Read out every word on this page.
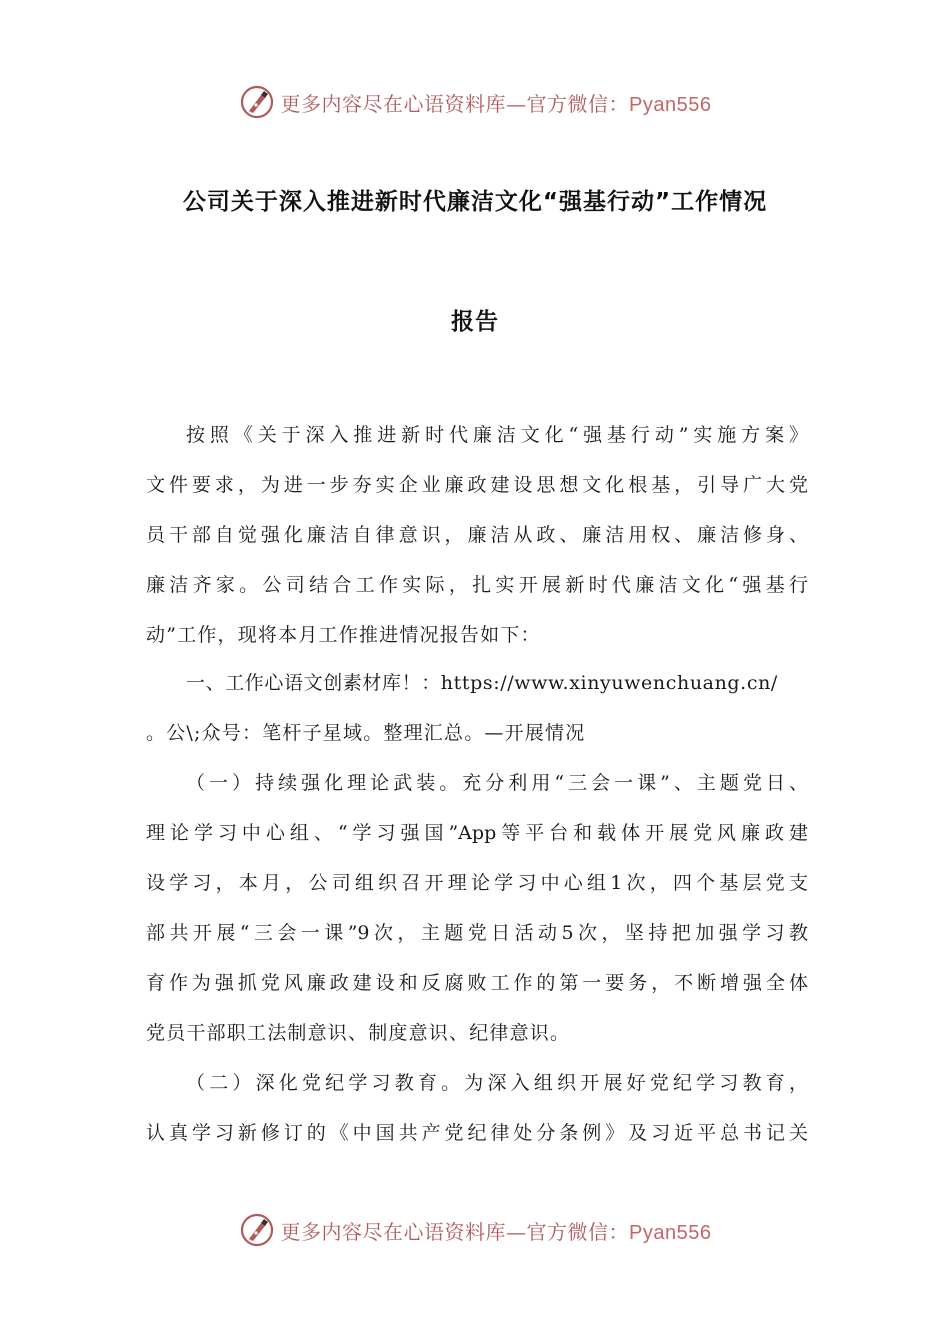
更多内容尽在心语资料库—官方微信：Pyan556
公司关于深入推进新时代廉洁文化“强基行动”工作情况
报告
按照《关于深入推进新时代廉洁文化“强基行动”实施方案》
文件要求，为进一步夯实企业廉政建设思想文化根基，引导广大党
员干部自觉强化廉洁自律意识，廉洁从政、廉洁用权、廉洁修身、
廉洁齐家。公司结合工作实际，扎实开展新时代廉洁文化“强基行
动”工作，现将本月工作推进情况报告如下：
一、工作心语文创素材库！：https://www.xinyuwenchuang.cn/
。公\;众号：笔杆子星域。整理汇总。—开展情况
（一）持续强化理论武装。充分利用“三会一课”、主题党日、
理论学习中心组、“学习强国”App等平台和载体开展党风廉政建
设学习，本月，公司组织召开理论学习中心组1次，四个基层党支
部共开展“三会一课”9次，主题党日活动5次，坚持把加强学习教
育作为强抓党风廉政建设和反腐败工作的第一要务，不断增强全体
党员干部职工法制意识、制度意识、纪律意识。
（二）深化党纪学习教育。为深入组织开展好党纪学习教育，
认真学习新修订的《中国共产党纪律处分条例》及习近平总书记关
更多内容尽在心语资料库—官方微信：Pyan556
